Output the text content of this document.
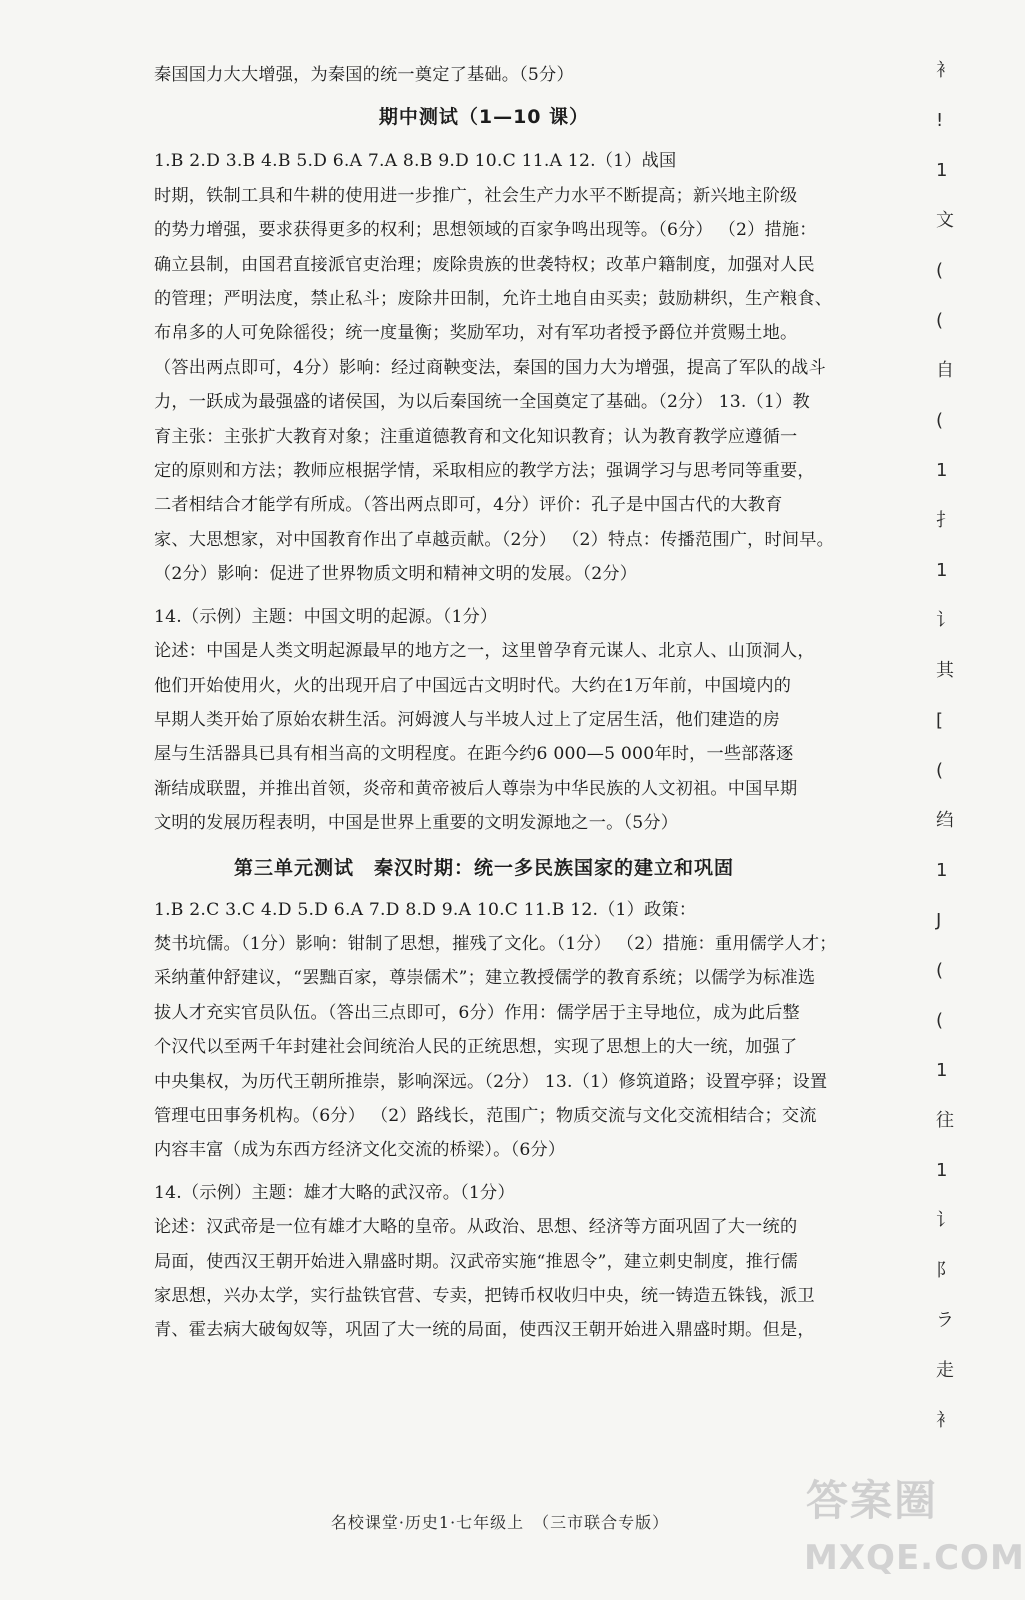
秦国国力大大增强，为秦国的统一奠定了基础。（5分）
期中测试（1—10 课）
1.B 2.D 3.B 4.B 5.D 6.A 7.A 8.B 9.D 10.C 11.A 12.（1）战国
时期，铁制工具和牛耕的使用进一步推广，社会生产力水平不断提高；新兴地主阶级
的势力增强，要求获得更多的权利；思想领域的百家争鸣出现等。（6分） （2）措施：
确立县制，由国君直接派官吏治理；废除贵族的世袭特权；改革户籍制度，加强对人民
的管理；严明法度，禁止私斗；废除井田制，允许土地自由买卖；鼓励耕织，生产粮食、
布帛多的人可免除徭役；统一度量衡；奖励军功，对有军功者授予爵位并赏赐土地。
（答出两点即可，4分）影响：经过商鞅变法，秦国的国力大为增强，提高了军队的战斗
力，一跃成为最强盛的诸侯国，为以后秦国统一全国奠定了基础。（2分） 13.（1）教
育主张：主张扩大教育对象；注重道德教育和文化知识教育；认为教育教学应遵循一
定的原则和方法；教师应根据学情，采取相应的教学方法；强调学习与思考同等重要，
二者相结合才能学有所成。（答出两点即可，4分）评价：孔子是中国古代的大教育
家、大思想家，对中国教育作出了卓越贡献。（2分） （2）特点：传播范围广，时间早。
（2分）影响：促进了世界物质文明和精神文明的发展。（2分）
14.（示例）主题：中国文明的起源。（1分）
论述：中国是人类文明起源最早的地方之一，这里曾孕育元谋人、北京人、山顶洞人，
他们开始使用火，火的出现开启了中国远古文明时代。大约在1万年前，中国境内的
早期人类开始了原始农耕生活。河姆渡人与半坡人过上了定居生活，他们建造的房
屋与生活器具已具有相当高的文明程度。在距今约6 000—5 000年时，一些部落逐
渐结成联盟，并推出首领，炎帝和黄帝被后人尊崇为中华民族的人文初祖。中国早期
文明的发展历程表明，中国是世界上重要的文明发源地之一。（5分）
第三单元测试　秦汉时期：统一多民族国家的建立和巩固
1.B 2.C 3.C 4.D 5.D 6.A 7.D 8.D 9.A 10.C 11.B 12.（1）政策：
焚书坑儒。（1分）影响：钳制了思想，摧残了文化。（1分） （2）措施：重用儒学人才；
采纳董仲舒建议，“罢黜百家，尊崇儒术”；建立教授儒学的教育系统；以儒学为标准选
拔人才充实官员队伍。（答出三点即可，6分）作用：儒学居于主导地位，成为此后整
个汉代以至两千年封建社会间统治人民的正统思想，实现了思想上的大一统，加强了
中央集权，为历代王朝所推崇，影响深远。（2分） 13.（1）修筑道路；设置亭驿；设置
管理屯田事务机构。（6分） （2）路线长，范围广；物质交流与文化交流相结合；交流
内容丰富（成为东西方经济文化交流的桥梁）。（6分）
14.（示例）主题：雄才大略的武汉帝。（1分）
论述：汉武帝是一位有雄才大略的皇帝。从政治、思想、经济等方面巩固了大一统的
局面，使西汉王朝开始进入鼎盛时期。汉武帝实施“推恩令”，建立刺史制度，推行儒
家思想，兴办太学，实行盐铁官营、专卖，把铸币权收归中央，统一铸造五铢钱，派卫
青、霍去病大破匈奴等，巩固了大一统的局面，使西汉王朝开始进入鼎盛时期。但是，
衤
!
1
文
(
(
自
(
1
扌
1
讠
其
[
(
绉
1
J
(
(
1
往
1
讠
阝
ラ
走
衤
名校课堂·历史1·七年级上　（三市联合专版）	答案圈
MXQE.COM
